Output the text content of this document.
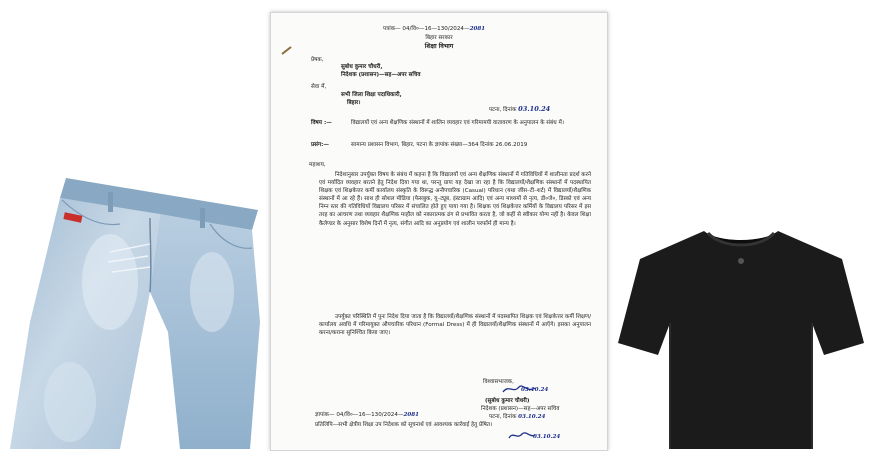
पत्रांक— 04/वि०—16—130/2024—2081
बिहार सरकार
शिक्षा विभाग
प्रेषक,
सुबोध कुमार चौधरी,
निदेशक (प्रशासन)—सह—अपर सचिव
सेवा में,
सभी जिला शिक्षा पदाधिकारी,
बिहार।
पटना, दिनांक 03.10.24
विषय :—	विद्यालयों एवं अन्य शैक्षणिक संस्थानों में शालिन व्यवहार एवं गरिमामयी वातावरण के अनुपालन के संबंध में।
प्रसंग:—	सामान्य प्रशासन विभाग, बिहार, पटना के ज्ञापांक संख्या—364 दिनांक 26.06.2019
महाशय,

निदेशानुसार उपर्युक्त विषय के संबंध में कहना है कि विद्यालयों एवं अन्य शैक्षणिक संस्थानों में गतिविधियों में शालीनता प्रदर्श करने एवं मर्यादित व्यवहार बरतने हेतु निदेश दिया गया था, परन्तु प्रायः यह देखा जा रहा है कि विद्यालयों/शैक्षणिक संस्थानों में पदस्थापित शिक्षक एवं शिक्षकेत्तर कर्मी कार्यालय संस्कृति के विरूद्ध अनौपचारिक (Casual) परिधान (यथा जींस–टी–शर्ट) में विद्यालयों/शैक्षणिक संस्थानों में आ रहे हैं। साथ ही सोशल मीडिया (फेसबुक, यू–ट्यूब, इंस्टाग्राम आदि) एवं अन्य माध्यमों से नृत्य, डी०जे०, डिस्को एवं अन्य निम्न स्तर की गतिविधियाँ विद्यालय परिसर में संचालित होते हुए पाया गया है। शिक्षक एवं शिक्षकेत्तर कर्मियों के विद्यालय परिसर में इस तरह का आचरण तथा व्यवहार शैक्षणिक माहौल को नकारात्मक ढंग से प्रभावित करता है, जो कहीं से स्वीकार योग्य नहीं है। केवल शिक्षा कैलेण्डर के अनुसार विशेष दिनों में नृत्य, संगीत आदि का अनुप्रयोग एवं शालीन परफॉर्म ही मान्य है।

उपर्युक्त परिस्थिति में पुनः निदेश दिया जाता है कि विद्यालयों/शैक्षणिक संस्थानों में पदस्थापित शिक्षक एवं शिक्षकेत्तर कर्मी शिक्षण/कार्यालय अवधि में गरिमायुक्त औपचारिक परिधान (Formal Dress) में ही विद्यालयों/शैक्षणिक संस्थानों में आएँगे। इसका अनुपालन करना/कराना सुनिश्चित किया जाए।

विश्वासभाजक,
03.10.24
(सुबोध कुमार चौधरी)
निदेशक (प्रशासन)—सह—अपर सचिव
ज्ञापांक— 04/वि०—16—130/2024—2081	पटना, दिनांक 03.10.24
प्रतिलिपि—सभी क्षेत्रीय शिक्षा उप निदेशक को सूचनार्थ एवं आवश्यक कार्रवाई हेतु प्रेषित।
03.10.24
